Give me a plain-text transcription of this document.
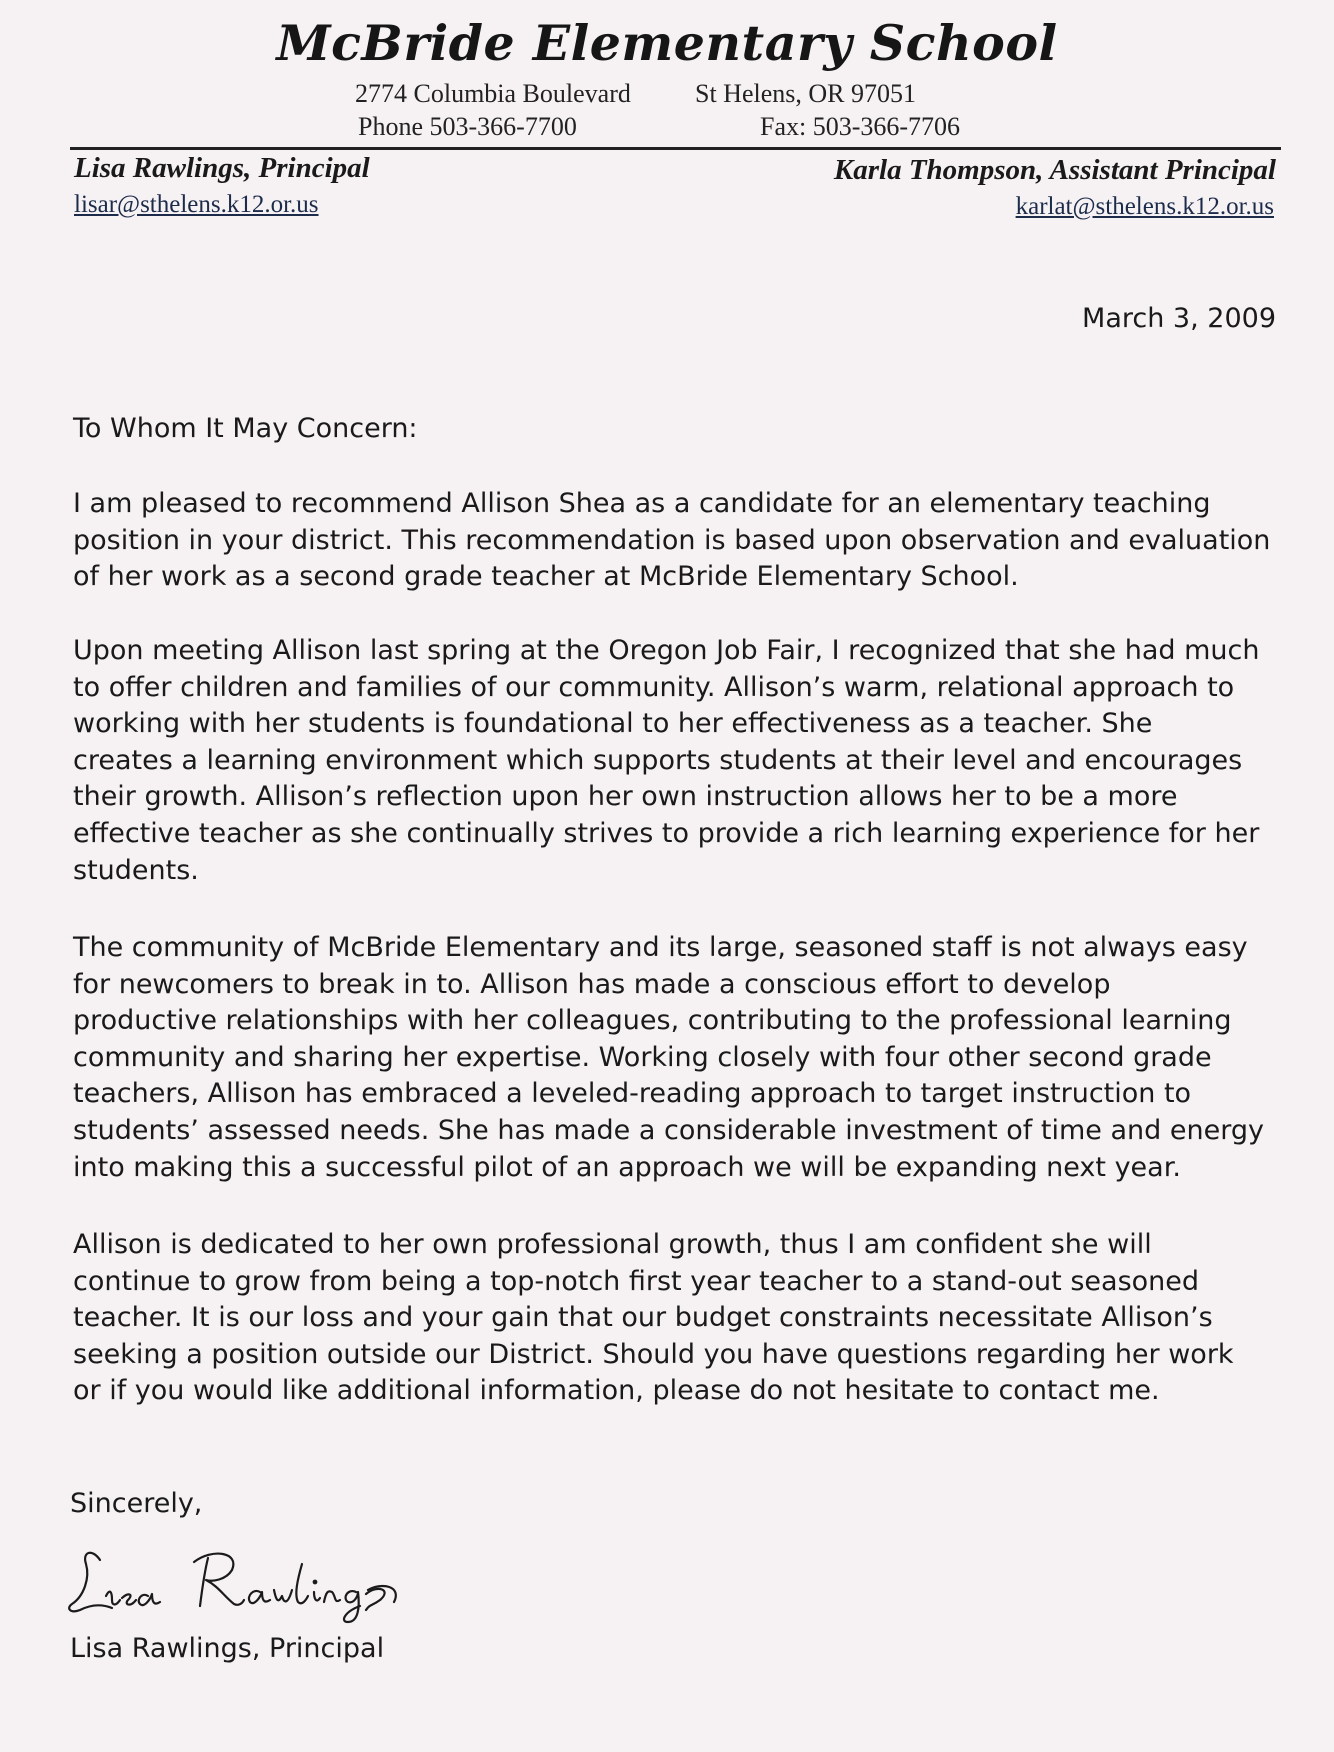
McBride Elementary School
2774 Columbia Boulevard St Helens, OR 97051
Phone 503-366-7700	Fax: 503-366-7706
Lisa Rawlings, Principal
lisar@sthelens.k12.or.us
Karla Thompson, Assistant Principal
karlat@sthelens.k12.or.us
March 3, 2009
To Whom It May Concern:
I am pleased to recommend Allison Shea as a candidate for an elementary teaching
position in your district. This recommendation is based upon observation and evaluation
of her work as a second grade teacher at McBride Elementary School.
Upon meeting Allison last spring at the Oregon Job Fair, I recognized that she had much
to offer children and families of our community. Allison’s warm, relational approach to
working with her students is foundational to her effectiveness as a teacher. She
creates a learning environment which supports students at their level and encourages
their growth. Allison’s reflection upon her own instruction allows her to be a more
effective teacher as she continually strives to provide a rich learning experience for her
students.
The community of McBride Elementary and its large, seasoned staff is not always easy
for newcomers to break in to. Allison has made a conscious effort to develop
productive relationships with her colleagues, contributing to the professional learning
community and sharing her expertise. Working closely with four other second grade
teachers, Allison has embraced a leveled-reading approach to target instruction to
students’ assessed needs. She has made a considerable investment of time and energy
into making this a successful pilot of an approach we will be expanding next year.
Allison is dedicated to her own professional growth, thus I am confident she will
continue to grow from being a top-notch first year teacher to a stand-out seasoned
teacher. It is our loss and your gain that our budget constraints necessitate Allison’s
seeking a position outside our District. Should you have questions regarding her work
or if you would like additional information, please do not hesitate to contact me.
Sincerely,
Lisa Rawlings, Principal
